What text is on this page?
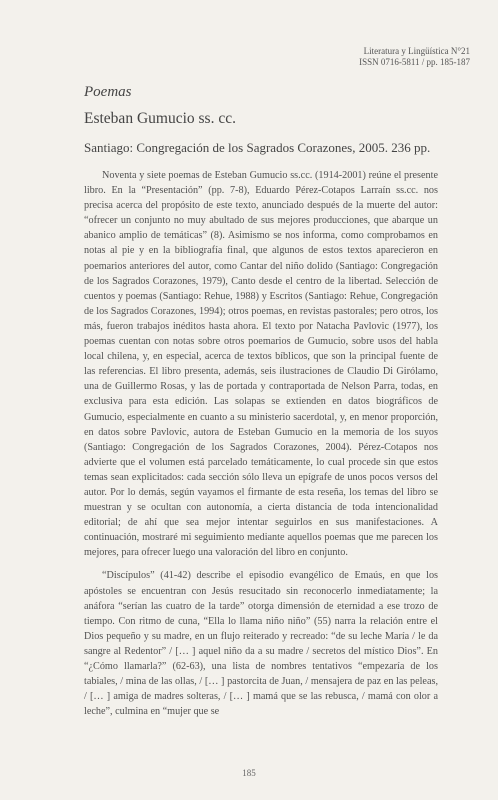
Literatura y Lingüística N°21
ISSN 0716-5811 / pp. 185-187
Poemas
Esteban Gumucio ss. cc.
Santiago: Congregación de los Sagrados Corazones, 2005. 236 pp.

Noventa y siete poemas de Esteban Gumucio ss.cc. (1914-2001) reúne el presente libro. En la “Presentación” (pp. 7-8), Eduardo Pérez-Cotapos Larraín ss.cc. nos precisa acerca del propósito de este texto, anunciado después de la muerte del autor: “ofrecer un conjunto no muy abultado de sus mejores producciones, que abarque un abanico amplio de temáticas” (8). Asimismo se nos informa, como comprobamos en notas al pie y en la bibliografía final, que algunos de estos textos aparecieron en poemarios anteriores del autor, como Cantar del niño dolido (Santiago: Congregación de los Sagrados Corazones, 1979), Canto desde el centro de la libertad. Selección de cuentos y poemas (Santiago: Rehue, 1988) y Escritos (Santiago: Rehue, Congregación de los Sagrados Corazones, 1994); otros poemas, en revistas pastorales; pero otros, los más, fueron trabajos inéditos hasta ahora. El texto por Natacha Pavlovic (1977), los poemas cuentan con notas sobre otros poemarios de Gumucio, sobre usos del habla local chilena, y, en especial, acerca de textos bíblicos, que son la principal fuente de las referencias. El libro presenta, además, seis ilustraciones de Claudio Di Girólamo, una de Guillermo Rosas, y las de portada y contraportada de Nelson Parra, todas, en exclusiva para esta edición. Las solapas se extienden en datos biográficos de Gumucio, especialmente en cuanto a su ministerio sacerdotal, y, en menor proporción, en datos sobre Pavlovic, autora de Esteban Gumucio en la memoria de los suyos (Santiago: Congregación de los Sagrados Corazones, 2004). Pérez-Cotapos nos advierte que el volumen está parcelado temáticamente, lo cual procede sin que estos temas sean explicitados: cada sección sólo lleva un epígrafe de unos pocos versos del autor. Por lo demás, según vayamos el firmante de esta reseña, los temas del libro se muestran y se ocultan con autonomía, a cierta distancia de toda intencionalidad editorial; de ahí que sea mejor intentar seguirlos en sus manifestaciones. A continuación, mostraré mi seguimiento mediante aquellos poemas que me parecen los mejores, para ofrecer luego una valoración del libro en conjunto.

“Discípulos” (41-42) describe el episodio evangélico de Emaús, en que los apóstoles se encuentran con Jesús resucitado sin reconocerlo inmediatamente; la anáfora “serían las cuatro de la tarde” otorga dimensión de eternidad a ese trozo de tiempo. Con ritmo de cuna, “Ella lo llama niño niño” (55) narra la relación entre el Dios pequeño y su madre, en un flujo reiterado y recreado: “de su leche María / le da sangre al Redentor” / [… ] aquel niño da a su madre / secretos del místico Dios”. En “¿Cómo llamarla?” (62-63), una lista de nombres tentativos “empezaría de los tabiales, / mina de las ollas, / [… ] pastorcita de Juan, / mensajera de paz en las peleas, / [… ] amiga de madres solteras, / [… ] mamá que se las rebusca, / mamá con olor a leche”, culmina en “mujer que se

185
